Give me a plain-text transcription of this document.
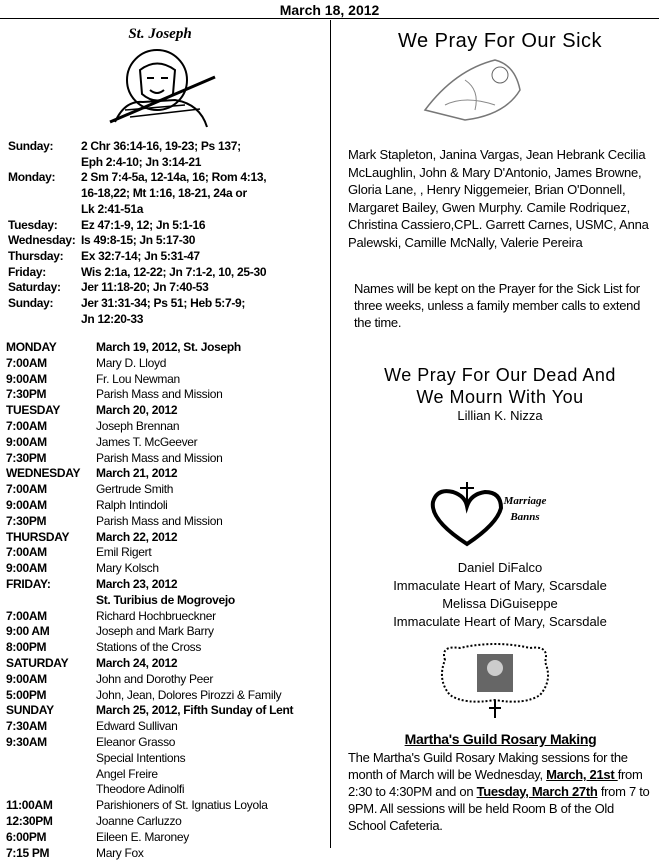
March 18, 2012
St. Joseph
Sunday:	2 Chr 36:14-16, 19-23; Ps 137;
Eph 2:4-10; Jn 3:14-21
Monday:	2 Sm 7:4-5a, 12-14a, 16; Rom 4:13,
16-18,22; Mt 1:16, 18-21, 24a or
Lk 2:41-51a
Tuesday:	Ez 47:1-9, 12; Jn 5:1-16
Wednesday: Is 49:8-15; Jn 5:17-30
Thursday:	Ex 32:7-14; Jn 5:31-47
Friday:	Wis 2:1a, 12-22; Jn 7:1-2, 10, 25-30
Saturday:	Jer 11:18-20; Jn 7:40-53
Sunday:	Jer 31:31-34; Ps 51; Heb 5:7-9;
Jn 12:20-33
MONDAY	March 19, 2012, St. Joseph
7:00AM	Mary D. Lloyd
9:00AM	Fr. Lou Newman
7:30PM	Parish Mass and Mission
TUESDAY	March 20, 2012
7:00AM	Joseph Brennan
9:00AM	James T. McGeever
7:30PM	Parish Mass and Mission
WEDNESDAY	March 21, 2012
7:00AM	Gertrude Smith
9:00AM	Ralph Intindoli
7:30PM	Parish Mass and Mission
THURSDAY	March 22, 2012
7:00AM	Emil Rigert
9:00AM	Mary Kolsch
FRIDAY:	March 23, 2012
St. Turibius de Mogrovejo
7:00AM	Richard Hochbrueckner
9:00 AM	Joseph and Mark Barry
8:00PM	Stations of the Cross
SATURDAY	March 24, 2012
9:00AM	John and Dorothy Peer
5:00PM	John, Jean, Dolores Pirozzi & Family
SUNDAY	March 25, 2012, Fifth Sunday of Lent
7:30AM	Edward Sullivan
9:30AM	Eleanor Grasso
Special Intentions
Angel Freire
Theodore Adinolfi
11:00AM	Parishioners of St. Ignatius Loyola
12:30PM	Joanne Carluzzo
6:00PM	Eileen E. Maroney
7:15 PM	Mary Fox
We Pray For Our Sick
Mark Stapleton, Janina Vargas, Jean Hebrank Cecilia McLaughlin, John & Mary D'Antonio, James Browne, Gloria Lane, , Henry Niggemeier, Brian O'Donnell, Margaret Bailey, Gwen Murphy. Camile Rodriquez, Christina Cassiero,CPL. Garrett Carnes, USMC, Anna Palewski, Camille McNally, Valerie Pereira
Names will be kept on the Prayer for the Sick List for three weeks, unless a family member calls to extend the time.
We Pray For Our Dead And
We Mourn With You
Lillian K. Nizza
Marriage
Banns
Daniel DiFalco
Immaculate Heart of Mary, Scarsdale
Melissa DiGuiseppe
Immaculate Heart of Mary, Scarsdale
Martha's Guild Rosary Making
The Martha's Guild Rosary Making sessions for the month of March will be Wednesday, March, 21st from 2:30 to 4:30PM and on Tuesday, March 27th from 7 to 9PM. All sessions will be held Room B of the Old School Cafeteria.
